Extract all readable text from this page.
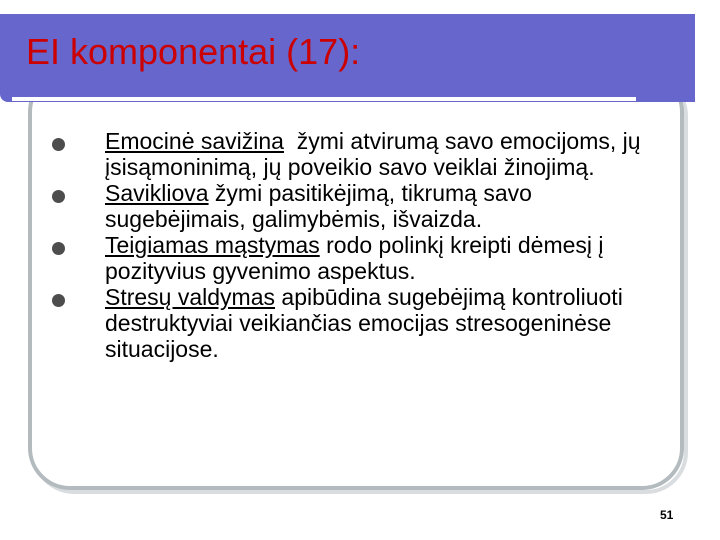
EI komponentai (17):
Emocinė savižina  žymi atvirumą savo emocijoms, jų įsisąmoninimą, jų poveikio savo veiklai žinojimą.
Savikliova žymi pasitikėjimą, tikrumą savo sugebėjimais, galimybėmis, išvaizda.
Teigiamas mąstymas rodo polinkį kreipti dėmesį į pozityvius gyvenimo aspektus.
Stresų valdymas apibūdina sugebėjimą kontroliuoti destruktyviai veikiančias emocijas stresogeninėse situacijose.
51
